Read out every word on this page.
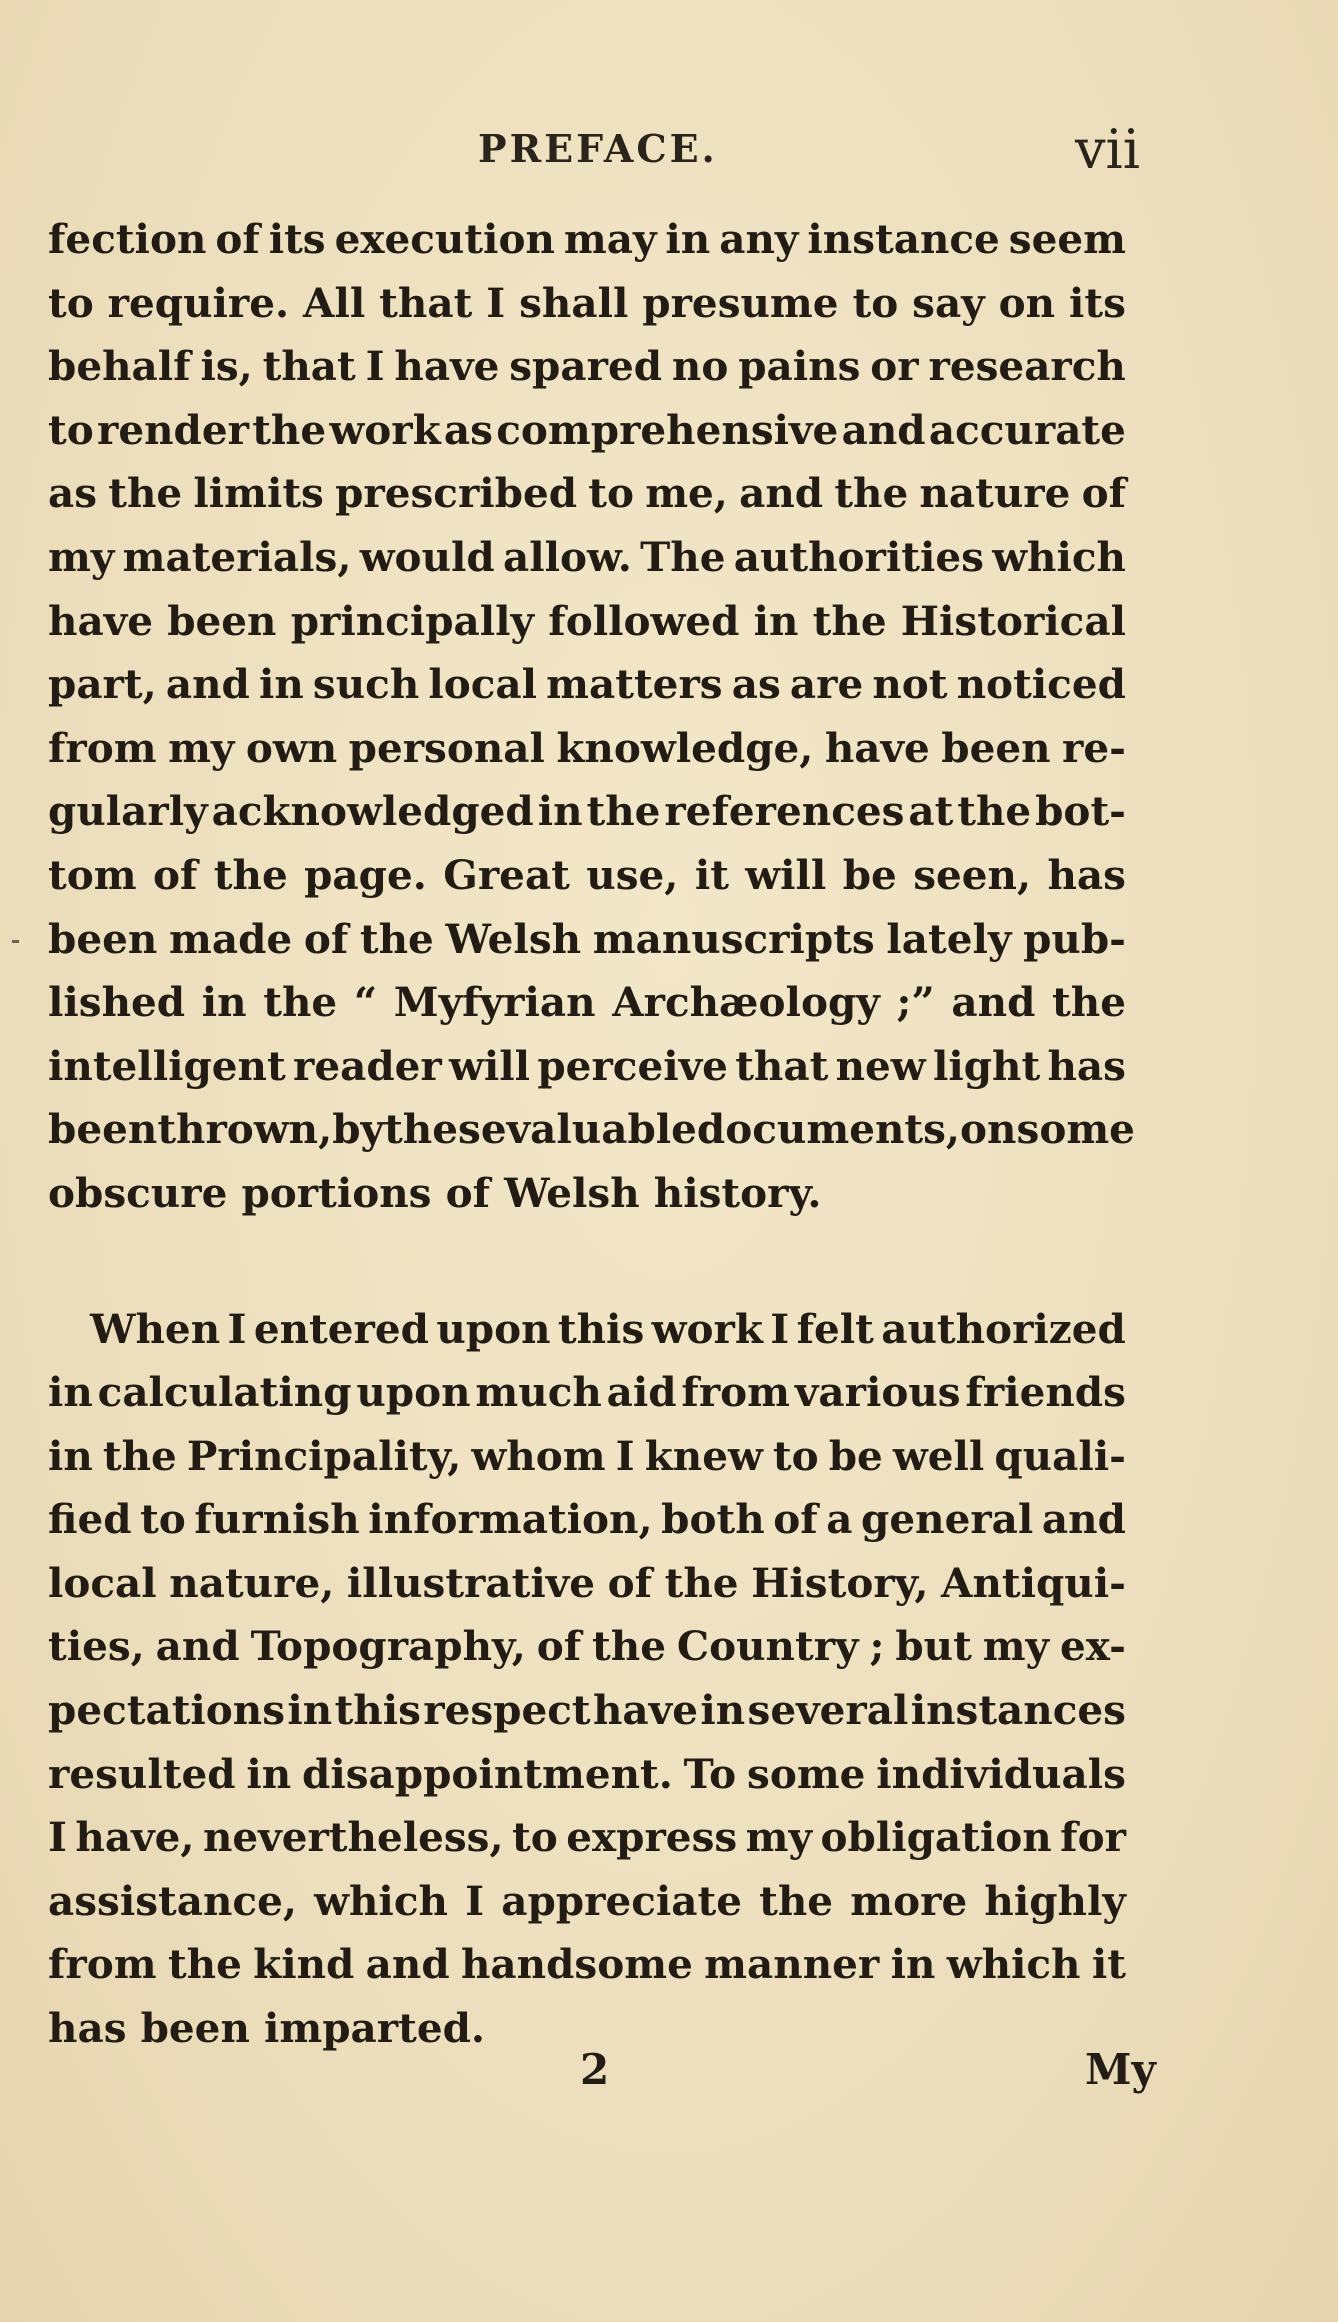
PREFACE.	vii
fection of its execution may in any instance seem
to require. All that I shall presume to say on its
behalf is, that I have spared no pains or research
to render the work as comprehensive and accurate
as the limits prescribed to me, and the nature of
my materials, would allow. The authorities which
have been principally followed in the Historical
part, and in such local matters as are not noticed
from my own personal knowledge, have been re-
gularly acknowledged in the references at the bot-
tom of the page. Great use, it will be seen, has
been made of the Welsh manuscripts lately pub-
lished in the “ Myfyrian Archæology ;” and the
intelligent reader will perceive that new light has
been thrown, by these valuable documents, on some
obscure portions of Welsh history.
When I entered upon this work I felt authorized
in calculating upon much aid from various friends
in the Principality, whom I knew to be well quali-
fied to furnish information, both of a general and
local nature, illustrative of the History, Antiqui-
ties, and Topography, of the Country ; but my ex-
pectations in this respect have in several instances
resulted in disappointment. To some individuals
I have, nevertheless, to express my obligation for
assistance, which I appreciate the more highly
from the kind and handsome manner in which it
has been imparted.
2	My
